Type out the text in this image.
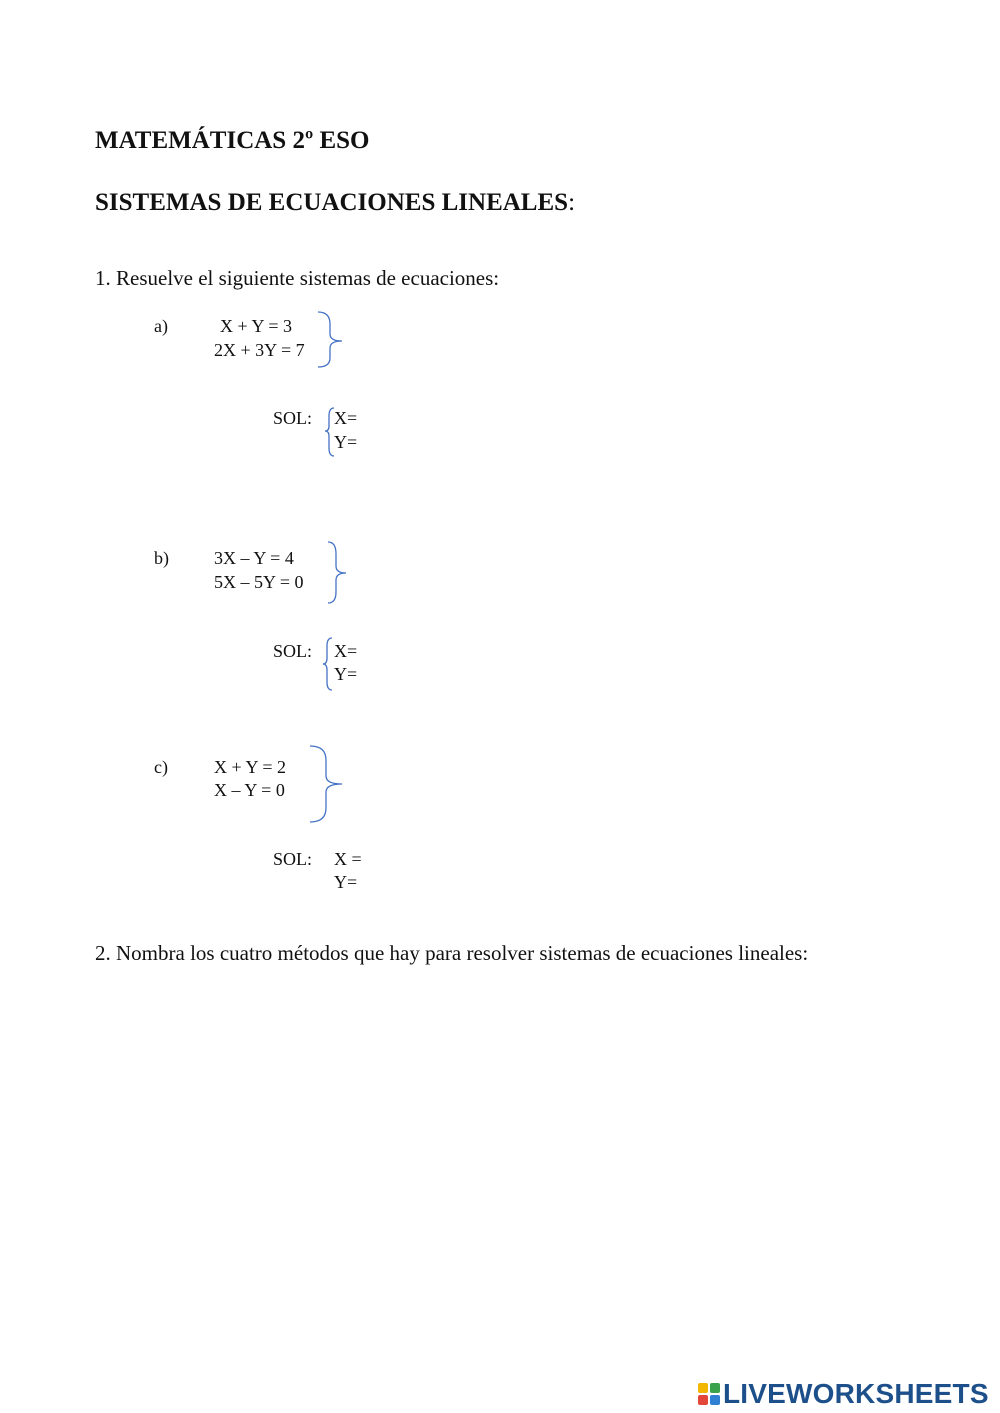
MATEMÁTICAS 2º ESO
SISTEMAS DE ECUACIONES LINEALES:
1. Resuelve el siguiente sistemas de ecuaciones:
a)	X + Y = 3
2X + 3Y = 7
SOL: X=
Y=
b)	3X – Y = 4
5X – 5Y = 0
SOL: X=
Y=
c)	X + Y = 2
X – Y = 0
SOL: X =
Y=
2. Nombra los cuatro métodos que hay para resolver sistemas de ecuaciones lineales:
LIVEWORKSHEETS
